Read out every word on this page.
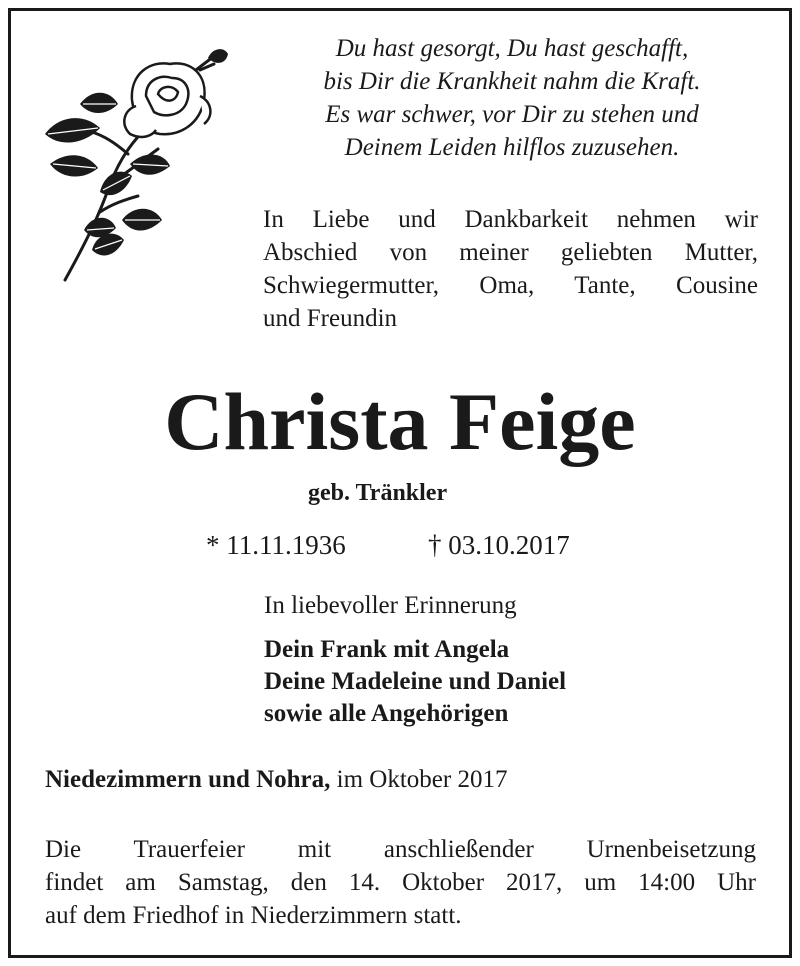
Du hast gesorgt, Du hast geschafft,
bis Dir die Krankheit nahm die Kraft.
Es war schwer, vor Dir zu stehen und
Deinem Leiden hilflos zuzusehen.
In Liebe und Dankbarkeit nehmen wir
Abschied von meiner geliebten Mutter,
Schwiegermutter, Oma, Tante, Cousine
und Freundin
Christa Feige
geb. Tränkler
* 11.11.1936	† 03.10.2017
In liebevoller Erinnerung
Dein Frank mit Angela
Deine Madeleine und Daniel
sowie alle Angehörigen
Niedezimmern und Nohra, im Oktober 2017
Die Trauerfeier mit anschließender Urnenbeisetzung
findet am Samstag, den 14. Oktober 2017, um 14:00 Uhr
auf dem Friedhof in Niederzimmern statt.
